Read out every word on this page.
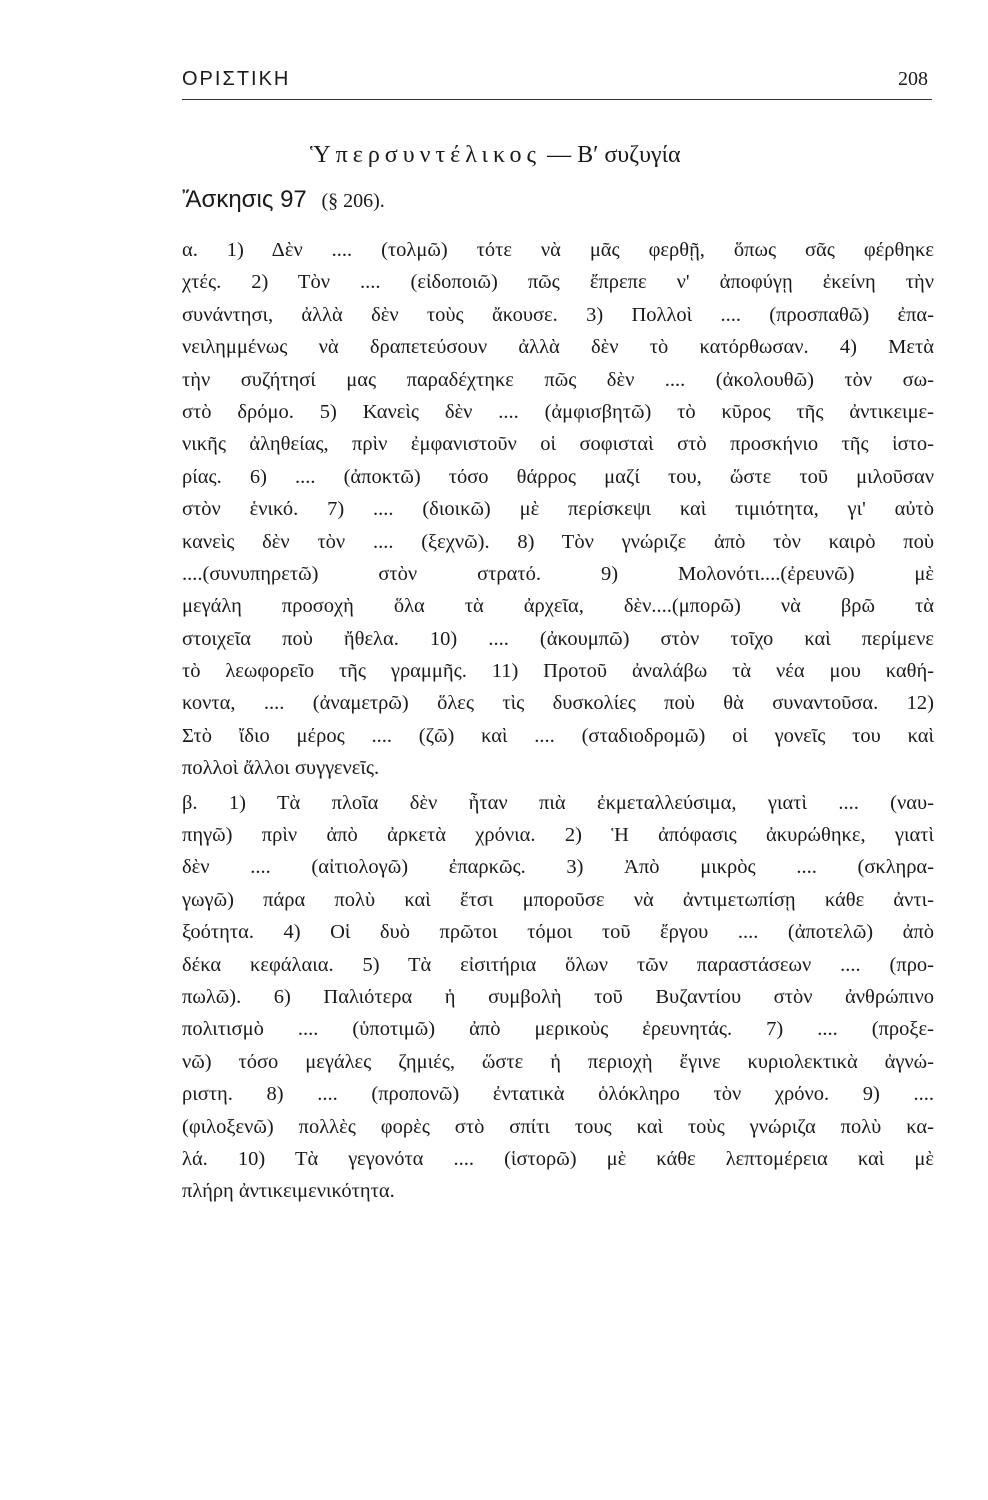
ΟΡΙΣΤΙΚΗ	208
Ὑπερσυντέλικος — Β′ συζυγία
Ἄσκησις 97 (§ 206).
α. 1) Δὲν .... (τολμῶ) τότε νὰ μᾶς φερθῇ, ὅπως σᾶς φέρθηκε
χτές. 2) Τὸν .... (εἰδοποιῶ) πῶς ἔπρεπε ν' ἀποφύγῃ ἐκείνη τὴν
συνάντησι, ἀλλὰ δὲν τοὺς ἄκουσε. 3) Πολλοὶ .... (προσπαθῶ) ἐπα-
νειλημμένως νὰ δραπετεύσουν ἀλλὰ δὲν τὸ κατόρθωσαν. 4) Μετὰ
τὴν συζήτησί μας παραδέχτηκε πῶς δὲν .... (ἀκολουθῶ) τὸν σω-
στὸ δρόμο. 5) Κανεὶς δὲν .... (ἀμφισβητῶ) τὸ κῦρος τῆς ἀντικειμε-
νικῆς ἀληθείας, πρὶν ἐμφανιστοῦν οἱ σοφισταὶ στὸ προσκήνιο τῆς ἱστο-
ρίας. 6) .... (ἀποκτῶ) τόσο θάρρος μαζί του, ὥστε τοῦ μιλοῦσαν
στὸν ἑνικό. 7) .... (διοικῶ) μὲ περίσκεψι καὶ τιμιότητα, γι' αὐτὸ
κανεὶς δὲν τὸν .... (ξεχνῶ). 8) Τὸν γνώριζε ἀπὸ τὸν καιρὸ ποὺ
....(συνυπηρετῶ) στὸν στρατό. 9) Μολονότι....(ἐρευνῶ) μὲ
μεγάλη προσοχὴ ὅλα τὰ ἀρχεῖα, δὲν....(μπορῶ) νὰ βρῶ τὰ
στοιχεῖα ποὺ ἤθελα. 10) .... (ἀκουμπῶ) στὸν τοῖχο καὶ περίμενε
τὸ λεωφορεῖο τῆς γραμμῆς. 11) Προτοῦ ἀναλάβω τὰ νέα μου καθή-
κοντα, .... (ἀναμετρῶ) ὅλες τὶς δυσκολίες ποὺ θὰ συναντοῦσα. 12)
Στὸ ἴδιο μέρος .... (ζῶ) καὶ .... (σταδιοδρομῶ) οἱ γονεῖς του καὶ
πολλοὶ ἄλλοι συγγενεῖς.
β. 1) Τὰ πλοῖα δὲν ἦταν πιὰ ἐκμεταλλεύσιμα, γιατὶ .... (ναυ-
πηγῶ) πρὶν ἀπὸ ἀρκετὰ χρόνια. 2) Ἡ ἀπόφασις ἀκυρώθηκε, γιατὶ
δὲν .... (αἰτιολογῶ) ἐπαρκῶς. 3) Ἀπὸ μικρὸς .... (σκληρα-
γωγῶ) πάρα πολὺ καὶ ἔτσι μποροῦσε νὰ ἀντιμετωπίσῃ κάθε ἀντι-
ξοότητα. 4) Οἱ δυὸ πρῶτοι τόμοι τοῦ ἔργου .... (ἀποτελῶ) ἀπὸ
δέκα κεφάλαια. 5) Τὰ εἰσιτήρια ὅλων τῶν παραστάσεων .... (προ-
πωλῶ). 6) Παλιότερα ἡ συμβολὴ τοῦ Βυζαντίου στὸν ἀνθρώπινο
πολιτισμὸ .... (ὑποτιμῶ) ἀπὸ μερικοὺς ἐρευνητάς. 7) .... (προξε-
νῶ) τόσο μεγάλες ζημιές, ὥστε ἡ περιοχὴ ἔγινε κυριολεκτικὰ ἀγνώ-
ριστη. 8) .... (προπονῶ) ἐντατικὰ ὁλόκληρο τὸν χρόνο. 9) ....
(φιλοξενῶ) πολλὲς φορὲς στὸ σπίτι τους καὶ τοὺς γνώριζα πολὺ κα-
λά. 10) Τὰ γεγονότα .... (ἱστορῶ) μὲ κάθε λεπτομέρεια καὶ μὲ
πλήρη ἀντικειμενικότητα.
